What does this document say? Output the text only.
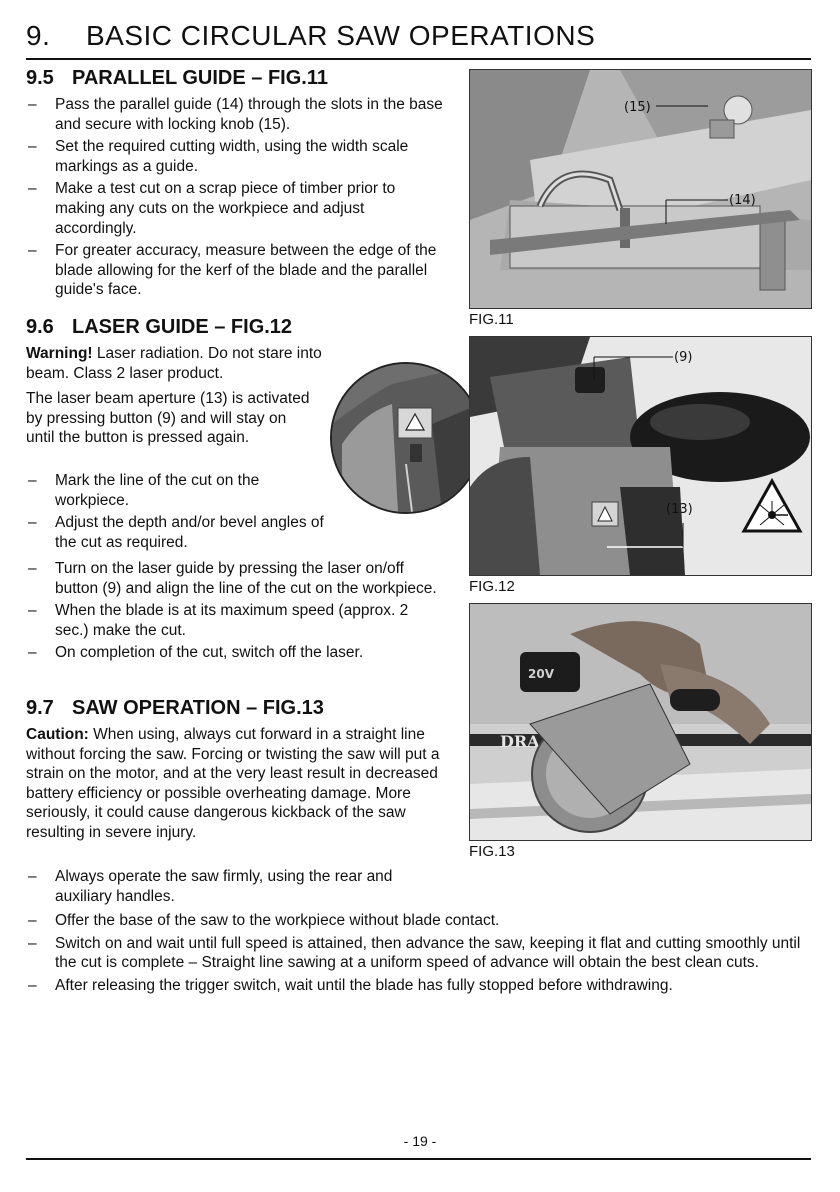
9. BASIC CIRCULAR SAW OPERATIONS
9.5 PARALLEL GUIDE – FIG.11
– Pass the parallel guide (14) through the slots in the base and secure with locking knob (15).
– Set the required cutting width, using the width scale markings as a guide.
– Make a test cut on a scrap piece of timber prior to making any cuts on the workpiece and adjust accordingly.
– For greater accuracy, measure between the edge of the blade allowing for the kerf of the blade and the parallel guide's face.
9.6 LASER GUIDE – FIG.12

Warning! Laser radiation. Do not stare into beam. Class 2 laser product.

The laser beam aperture (13) is activated by pressing button (9) and will stay on until the button is pressed again.

– Mark the line of the cut on the workpiece.
– Adjust the depth and/or bevel angles of the cut as required.
– Turn on the laser guide by pressing the laser on/off button (9) and align the line of the cut on the workpiece.
– When the blade is at its maximum speed (approx. 2 sec.) make the cut.
– On completion of the cut, switch off the laser.
9.7 SAW OPERATION – FIG.13

Caution: When using, always cut forward in a straight line without forcing the saw. Forcing or twisting the saw will put a strain on the motor, and at the very least result in decreased battery efficiency or possible overheating damage. More seriously, it could cause dangerous kickback of the saw resulting in severe injury.

– Always operate the saw firmly, using the rear and auxiliary handles.
– Offer the base of the saw to the workpiece without blade contact.
– Switch on and wait until full speed is attained, then advance the saw, keeping it flat and cutting smoothly until the cut is complete – Straight line sawing at a uniform speed of advance will obtain the best clean cuts.
– After releasing the trigger switch, wait until the blade has fully stopped before withdrawing.
(15)
(14)

FIG.11

(9)
(13)

FIG.12

DRA
20V

FIG.13

- 19 -
